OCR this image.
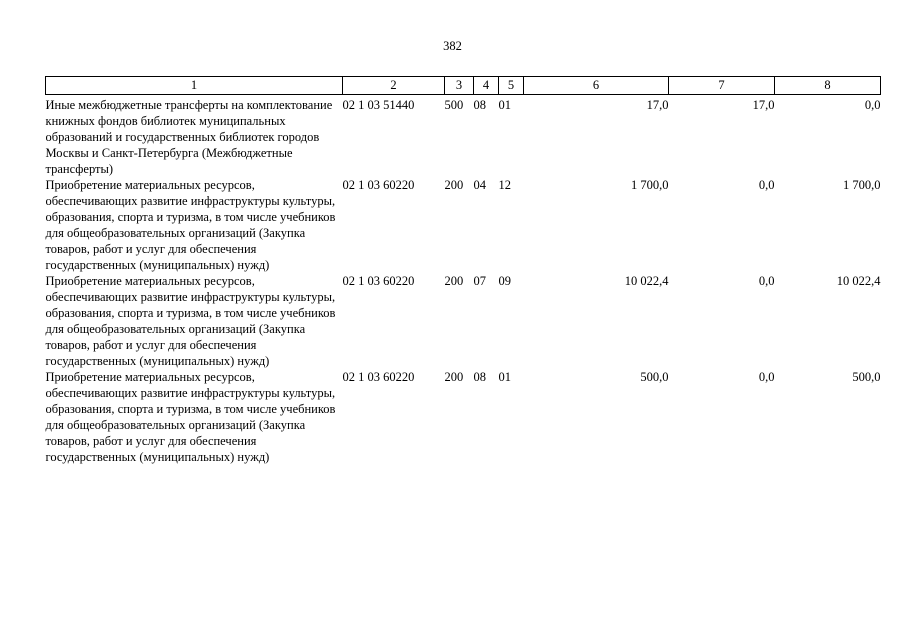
382
1	2	3	4	5	6	7	8

Иные межбюджетные трансферты на комплектование книжных фондов библиотек муниципальных образований и государственных библиотек городов Москвы и Санкт-Петербурга (Межбюджетные трансферты)	02 1 03 51440	500	08	01	17,0	17,0	0,0
Приобретение материальных ресурсов, обеспечивающих развитие инфраструктуры культуры, образования, спорта и туризма, в том числе учебников для общеобразовательных организаций (Закупка товаров, работ и услуг для обеспечения государственных (муниципальных) нужд)	02 1 03 60220	200	04	12	1 700,0	0,0	1 700,0
Приобретение материальных ресурсов, обеспечивающих развитие инфраструктуры культуры, образования, спорта и туризма, в том числе учебников для общеобразовательных организаций (Закупка товаров, работ и услуг для обеспечения государственных (муниципальных) нужд)	02 1 03 60220	200	07	09	10 022,4	0,0	10 022,4
Приобретение материальных ресурсов, обеспечивающих развитие инфраструктуры культуры, образования, спорта и туризма, в том числе учебников для общеобразовательных организаций (Закупка товаров, работ и услуг для обеспечения государственных (муниципальных) нужд)	02 1 03 60220	200	08	01	500,0	0,0	500,0
